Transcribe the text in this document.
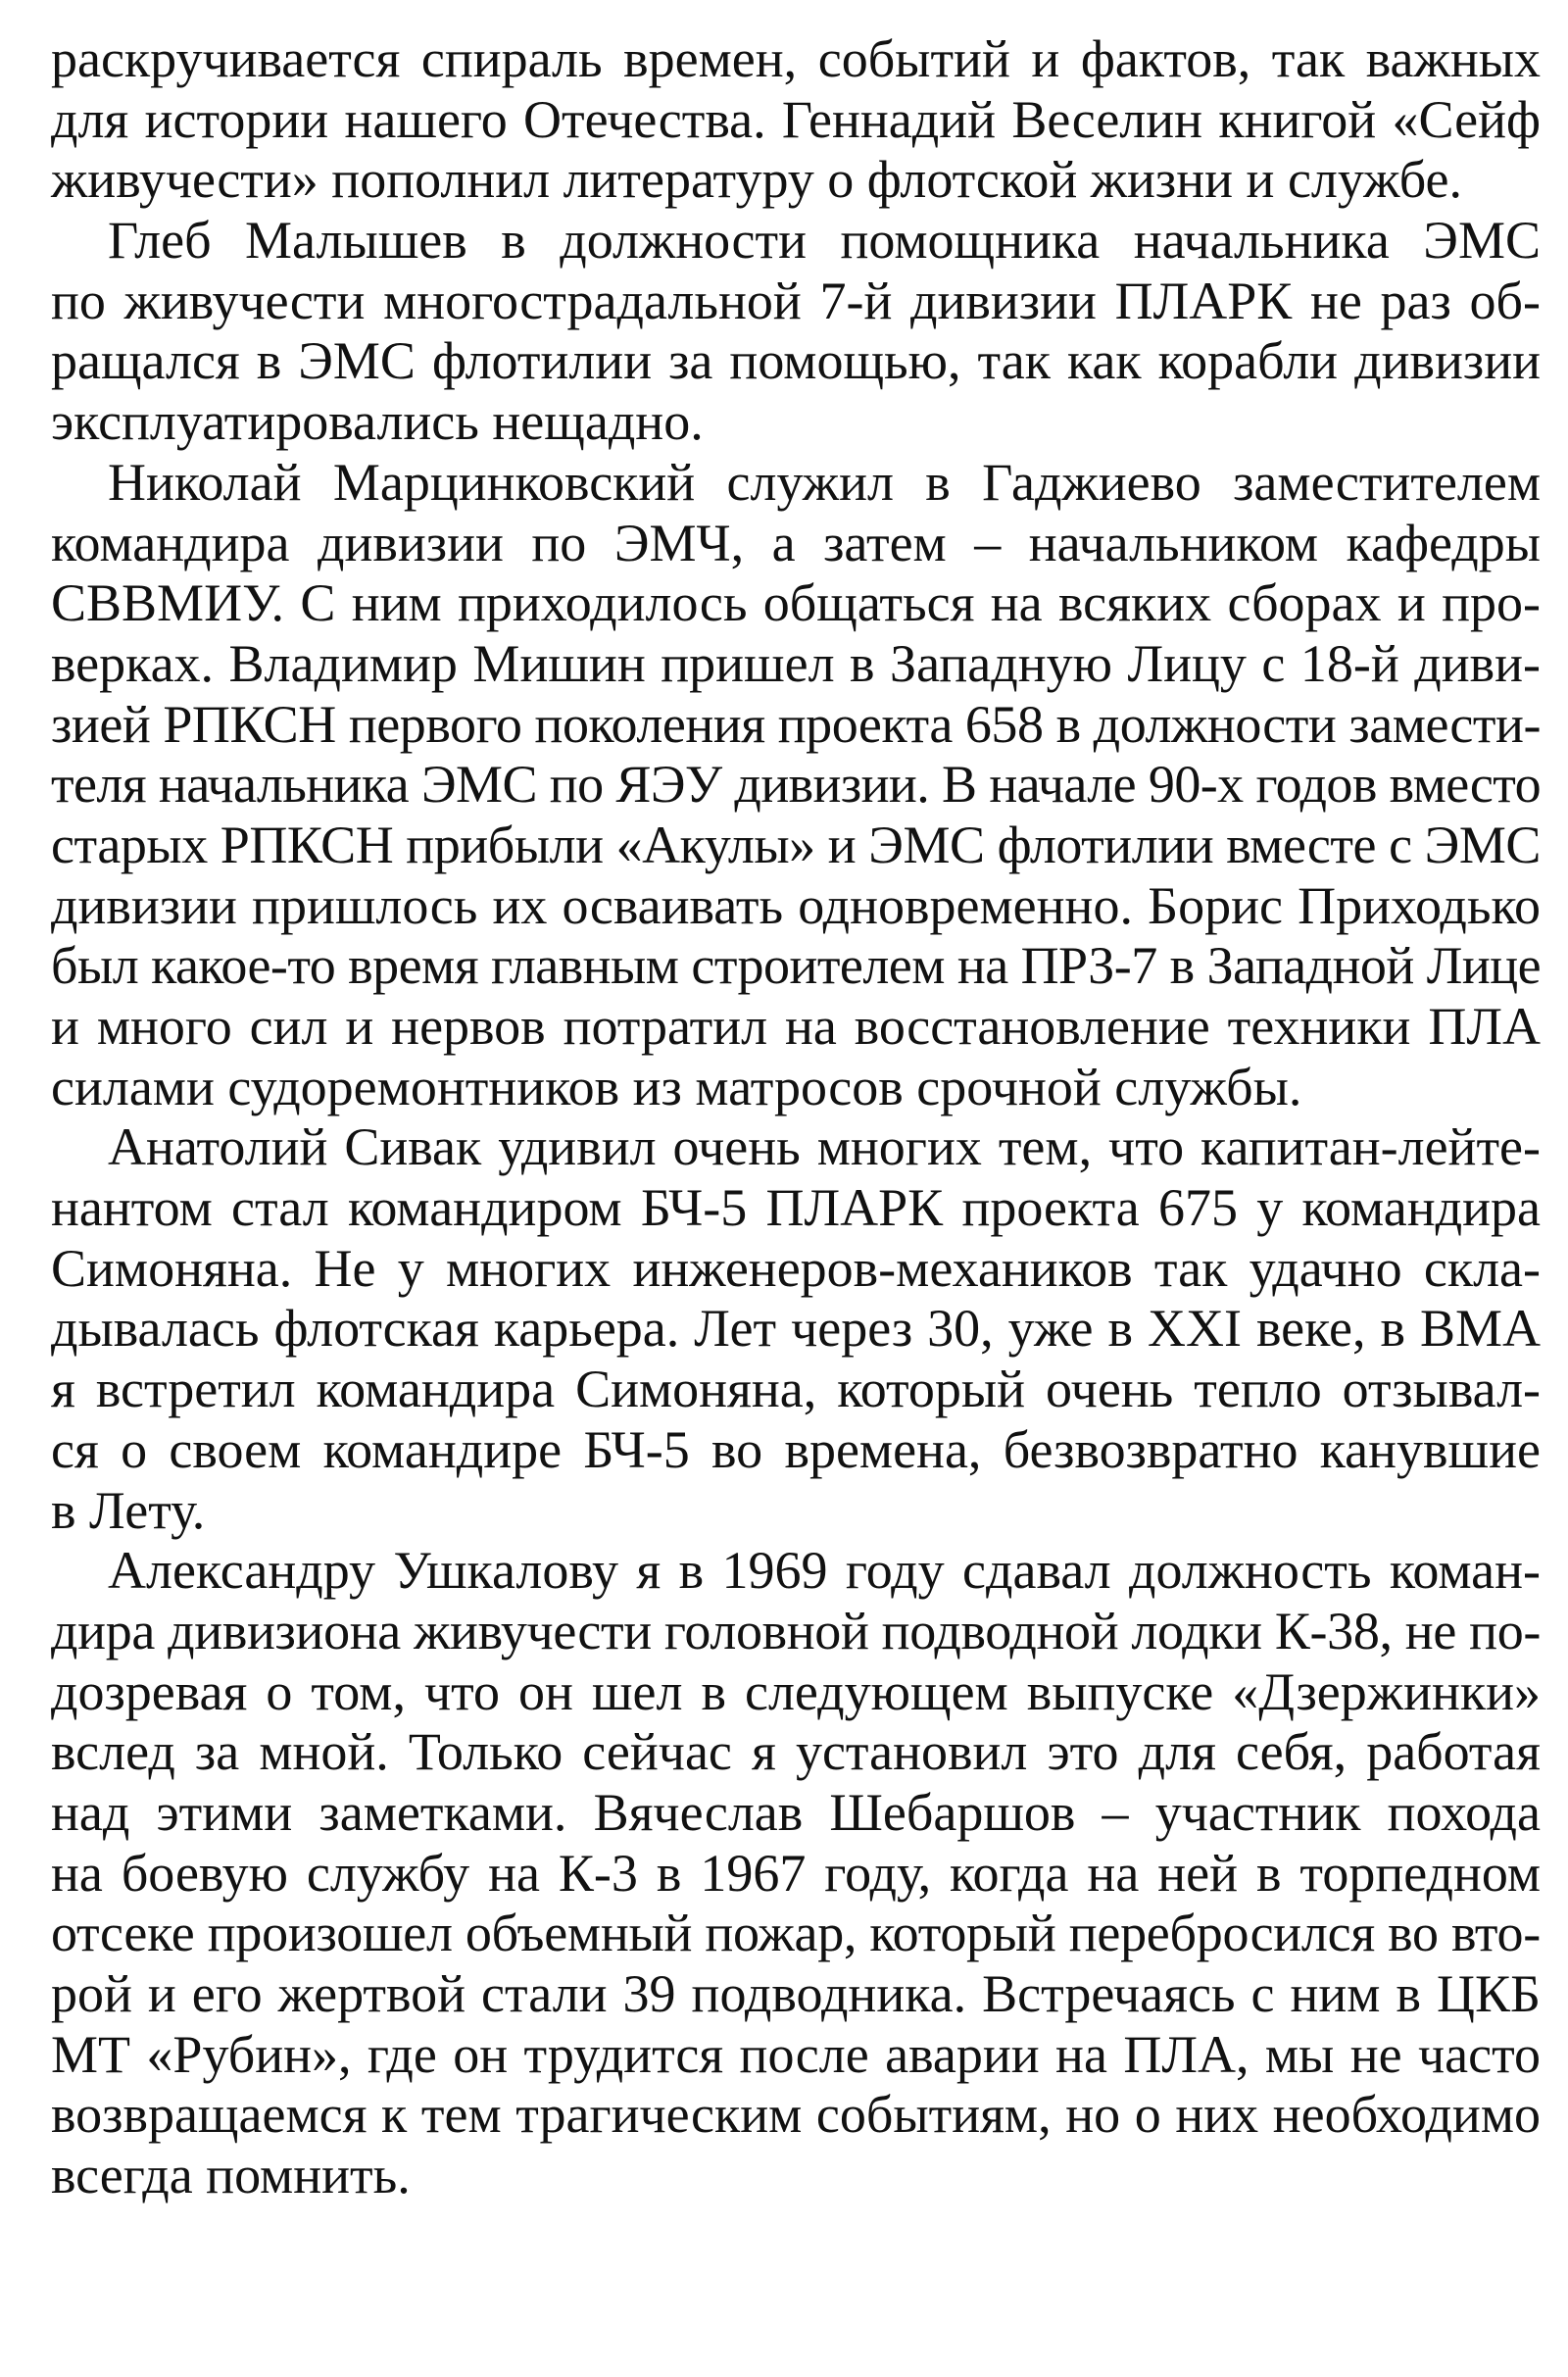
раскручивается спираль времен, событий и фактов, так важных
для истории нашего Отечества. Геннадий Веселин книгой «Сейф
живучести» пополнил литературу о флотской жизни и службе.
Глеб Малышев в должности помощника начальника ЭМС
по живучести многострадальной 7-й дивизии ПЛАРК не раз об-
ращался в ЭМС флотилии за помощью, так как корабли дивизии
эксплуатировались нещадно.
Николай Марцинковский служил в Гаджиево заместителем
командира дивизии по ЭМЧ, а затем – начальником кафедры
СВВМИУ. С ним приходилось общаться на всяких сборах и про-
верках. Владимир Мишин пришел в Западную Лицу с 18-й диви-
зией РПКСН первого поколения проекта 658 в должности замести-
теля начальника ЭМС по ЯЭУ дивизии. В начале 90-х годов вместо
старых РПКСН прибыли «Акулы» и ЭМС флотилии вместе с ЭМС
дивизии пришлось их осваивать одновременно. Борис Приходько
был какое-то время главным строителем на ПРЗ-7 в Западной Лице
и много сил и нервов потратил на восстановление техники ПЛА
силами судоремонтников из матросов срочной службы.
Анатолий Сивак удивил очень многих тем, что капитан-лейте-
нантом стал командиром БЧ-5 ПЛАРК проекта 675 у командира
Симоняна. Не у многих инженеров-механиков так удачно скла-
дывалась флотская карьера. Лет через 30, уже в XXI веке, в ВМА
я встретил командира Симоняна, который очень тепло отзывал-
ся о своем командире БЧ-5 во времена, безвозвратно канувшие
в Лету.
Александру Ушкалову я в 1969 году сдавал должность коман-
дира дивизиона живучести головной подводной лодки К-38, не по-
дозревая о том, что он шел в следующем выпуске «Дзержинки»
вслед за мной. Только сейчас я установил это для себя, работая
над этими заметками. Вячеслав Шебаршов – участник похода
на боевую службу на К-3 в 1967 году, когда на ней в торпедном
отсеке произошел объемный пожар, который перебросился во вто-
рой и его жертвой стали 39 подводника. Встречаясь с ним в ЦКБ
МТ «Рубин», где он трудится после аварии на ПЛА, мы не часто
возвращаемся к тем трагическим событиям, но о них необходимо
всегда помнить.
